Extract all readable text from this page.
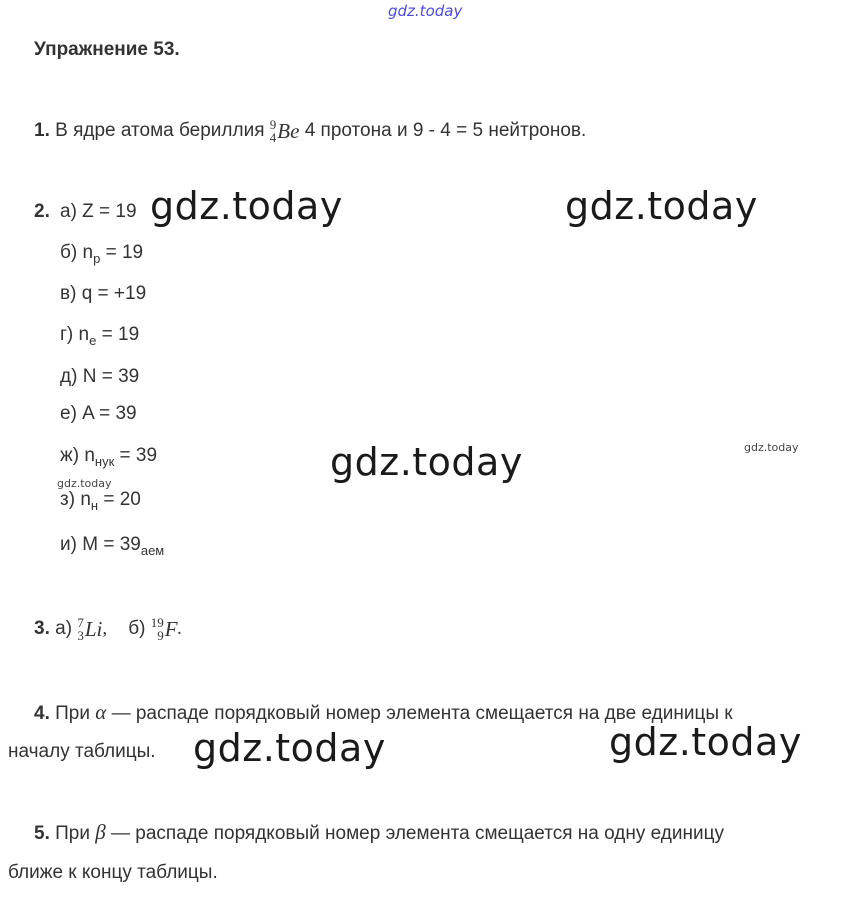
gdz.today
Упражнение 53.
1. В ядре атома бериллия 9
4 Be 4 протона и 9 - 4 = 5 нейтронов.
2. а) Z = 19
б) $n_p = 19$
в) q = +19
г) $n_e = 19$
д) N = 39
е) A = 39
ж) $n_{нук} = 39$
з) $n_н = 20$
и) $M = 39_{аем}$
3. а) 7
3 Li, б) 19
9 F.
4. При α — распаде порядковый номер элемента смещается на две единицы к
началу таблицы.
5. При β — распаде порядковый номер элемента смещается на одну единицу
ближе к концу таблицы.
gdz.today	gdz.today
gdz.today
gdz.today	gdz.today
gdz.today
gdz.today
